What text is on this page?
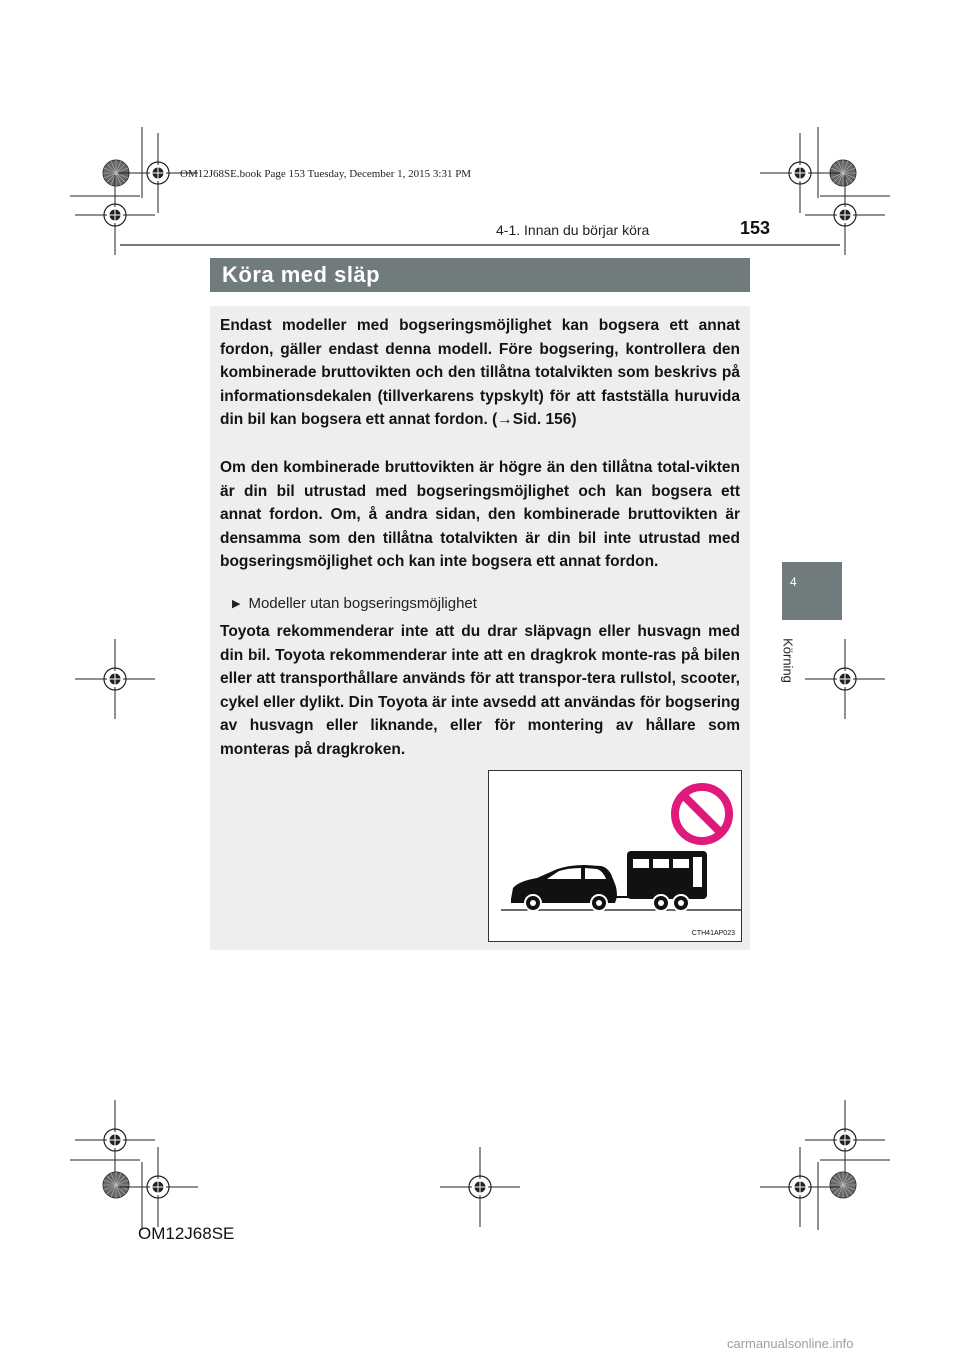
OM12J68SE.book Page 153 Tuesday, December 1, 2015 3:31 PM
4-1. Innan du börjar köra	153
4
Körning
Köra med släp

Endast modeller med bogseringsmöjlighet kan bogsera ett annat fordon, gäller endast denna modell. Före bogsering, kontrollera den kombinerade bruttovikten och den tillåtna totalvikten som beskrivs på informationsdekalen (tillverkarens typskylt) för att fastställa huruvida din bil kan bogsera ett annat fordon. (→Sid. 156)

Om den kombinerade bruttovikten är högre än den tillåtna total-vikten är din bil utrustad med bogseringsmöjlighet och kan bogsera ett annat fordon. Om, å andra sidan, den kombinerade bruttovikten är densamma som den tillåtna totalvikten är din bil inte utrustad med bogseringsmöjlighet och kan inte bogsera ett annat fordon.

▶ Modeller utan bogseringsmöjlighet

Toyota rekommenderar inte att du drar släpvagn eller husvagn med din bil. Toyota rekommenderar inte att en dragkrok monte-ras på bilen eller att transporthållare används för att transpor-tera rullstol, scooter, cykel eller dylikt. Din Toyota är inte avsedd att användas för bogsering av husvagn eller liknande, eller för montering av hållare som monteras på dragkroken.

CTH41AP023
OM12J68SE
carmanualsonline.info
